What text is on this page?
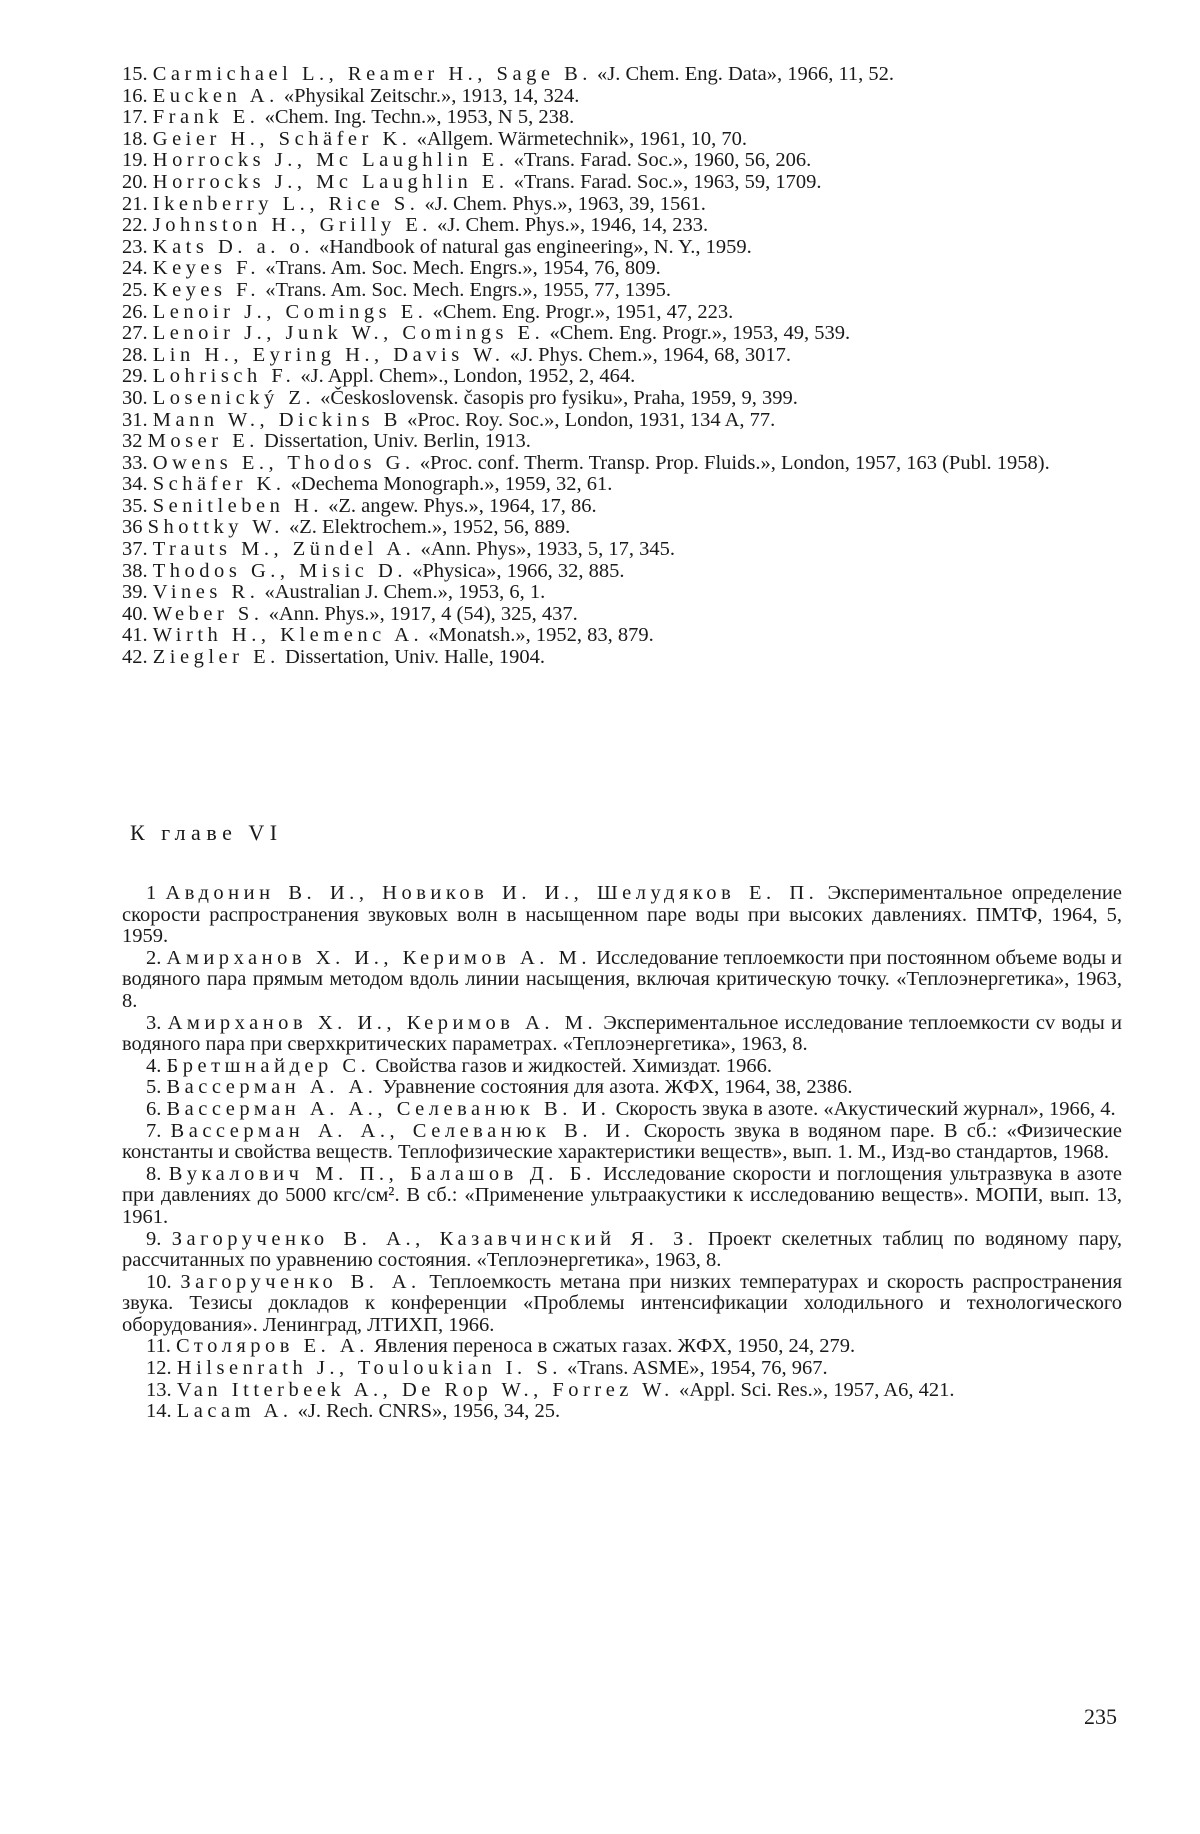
15. Carmichael L., Reamer H., Sage B. «J. Chem. Eng. Data», 1966, 11, 52.
16. Eucken A. «Physikal Zeitschr.», 1913, 14, 324.
17. Frank E. «Chem. Ing. Techn.», 1953, N 5, 238.
18. Geier H., Schäfer K. «Allgem. Wärmetechnik», 1961, 10, 70.
19. Horrocks J., Mc Laughlin E. «Trans. Farad. Soc.», 1960, 56, 206.
20. Horrocks J., Mc Laughlin E. «Trans. Farad. Soc.», 1963, 59, 1709.
21. Ikenberry L., Rice S. «J. Chem. Phys.», 1963, 39, 1561.
22. Johnston H., Grilly E. «J. Chem. Phys.», 1946, 14, 233.
23. Kats D. a. o. «Handbook of natural gas engineering», N. Y., 1959.
24. Keyes F. «Trans. Am. Soc. Mech. Engrs.», 1954, 76, 809.
25. Keyes F. «Trans. Am. Soc. Mech. Engrs.», 1955, 77, 1395.
26. Lenoir J., Comings E. «Chem. Eng. Progr.», 1951, 47, 223.
27. Lenoir J., Junk W., Comings E. «Chem. Eng. Progr.», 1953, 49, 539.
28. Lin H., Eyring H., Davis W. «J. Phys. Chem.», 1964, 68, 3017.
29. Lohrisch F. «J. Appl. Chem»., London, 1952, 2, 464.
30. Losenický Z. «Československ. časopis pro fysiku», Praha, 1959, 9, 399.
31. Mann W., Dickins B «Proc. Roy. Soc.», London, 1931, 134 A, 77.
32 Moser E. Dissertation, Univ. Berlin, 1913.
33. Owens E., Thodos G. «Proc. conf. Therm. Transp. Prop. Fluids.», London, 1957, 163 (Publ. 1958).
34. Schäfer K. «Dechema Monograph.», 1959, 32, 61.
35. Senitleben H. «Z. angew. Phys.», 1964, 17, 86.
36 Shottky W. «Z. Elektrochem.», 1952, 56, 889.
37. Trauts M., Zündel A. «Ann. Phys», 1933, 5, 17, 345.
38. Thodos G., Misic D. «Physica», 1966, 32, 885.
39. Vines R. «Australian J. Chem.», 1953, 6, 1.
40. Weber S. «Ann. Phys.», 1917, 4 (54), 325, 437.
41. Wirth H., Klemenc A. «Monatsh.», 1952, 83, 879.
42. Ziegler E. Dissertation, Univ. Halle, 1904.
К главе VI
1 Авдонин В. И., Новиков И. И., Шелудяков Е. П. Экспериментальное определение скорости распространения звуковых волн в насыщенном паре воды при высоких давлениях. ПМТФ, 1964, 5, 1959.
2. Амирханов Х. И., Керимов А. М. Исследование теплоемкости при постоянном объеме воды и водяного пара прямым методом вдоль линии насыщения, включая критическую точку. «Теплоэнергетика», 1963, 8.
3. Амирханов Х. И., Керимов А. М. Экспериментальное исследование теплоемкости cv воды и водяного пара при сверхкритических параметрах. «Теплоэнергетика», 1963, 8.
4. Бретшнайдер С. Свойства газов и жидкостей. Химиздат. 1966.
5. Вассерман А. А. Уравнение состояния для азота. ЖФХ, 1964, 38, 2386.
6. Вассерман А. А., Селеванюк В. И. Скорость звука в азоте. «Акустический журнал», 1966, 4.
7. Вассерман А. А., Селеванюк В. И. Скорость звука в водяном паре. В сб.: «Физические константы и свойства веществ. Теплофизические характеристики веществ», вып. 1. М., Изд-во стандартов, 1968.
8. Вукалович М. П., Балашов Д. Б. Исследование скорости и поглощения ультразвука в азоте при давлениях до 5000 кгс/см². В сб.: «Применение ультраакустики к исследованию веществ». МОПИ, вып. 13, 1961.
9. Загорученко В. А., Казавчинский Я. З. Проект скелетных таблиц по водяному пару, рассчитанных по уравнению состояния. «Теплоэнергетика», 1963, 8.
10. Загорученко В. А. Теплоемкость метана при низких температурах и скорость распространения звука. Тезисы докладов к конференции «Проблемы интенсификации холодильного и технологического оборудования». Ленинград, ЛТИХП, 1966.
11. Столяров Е. А. Явления переноса в сжатых газах. ЖФХ, 1950, 24, 279.
12. Hilsenrath J., Touloukian I. S. «Trans. ASME», 1954, 76, 967.
13. Van Itterbeek A., De Rop W., Forrez W. «Appl. Sci. Res.», 1957, A6, 421.
14. Lacam A. «J. Rech. CNRS», 1956, 34, 25.
235
